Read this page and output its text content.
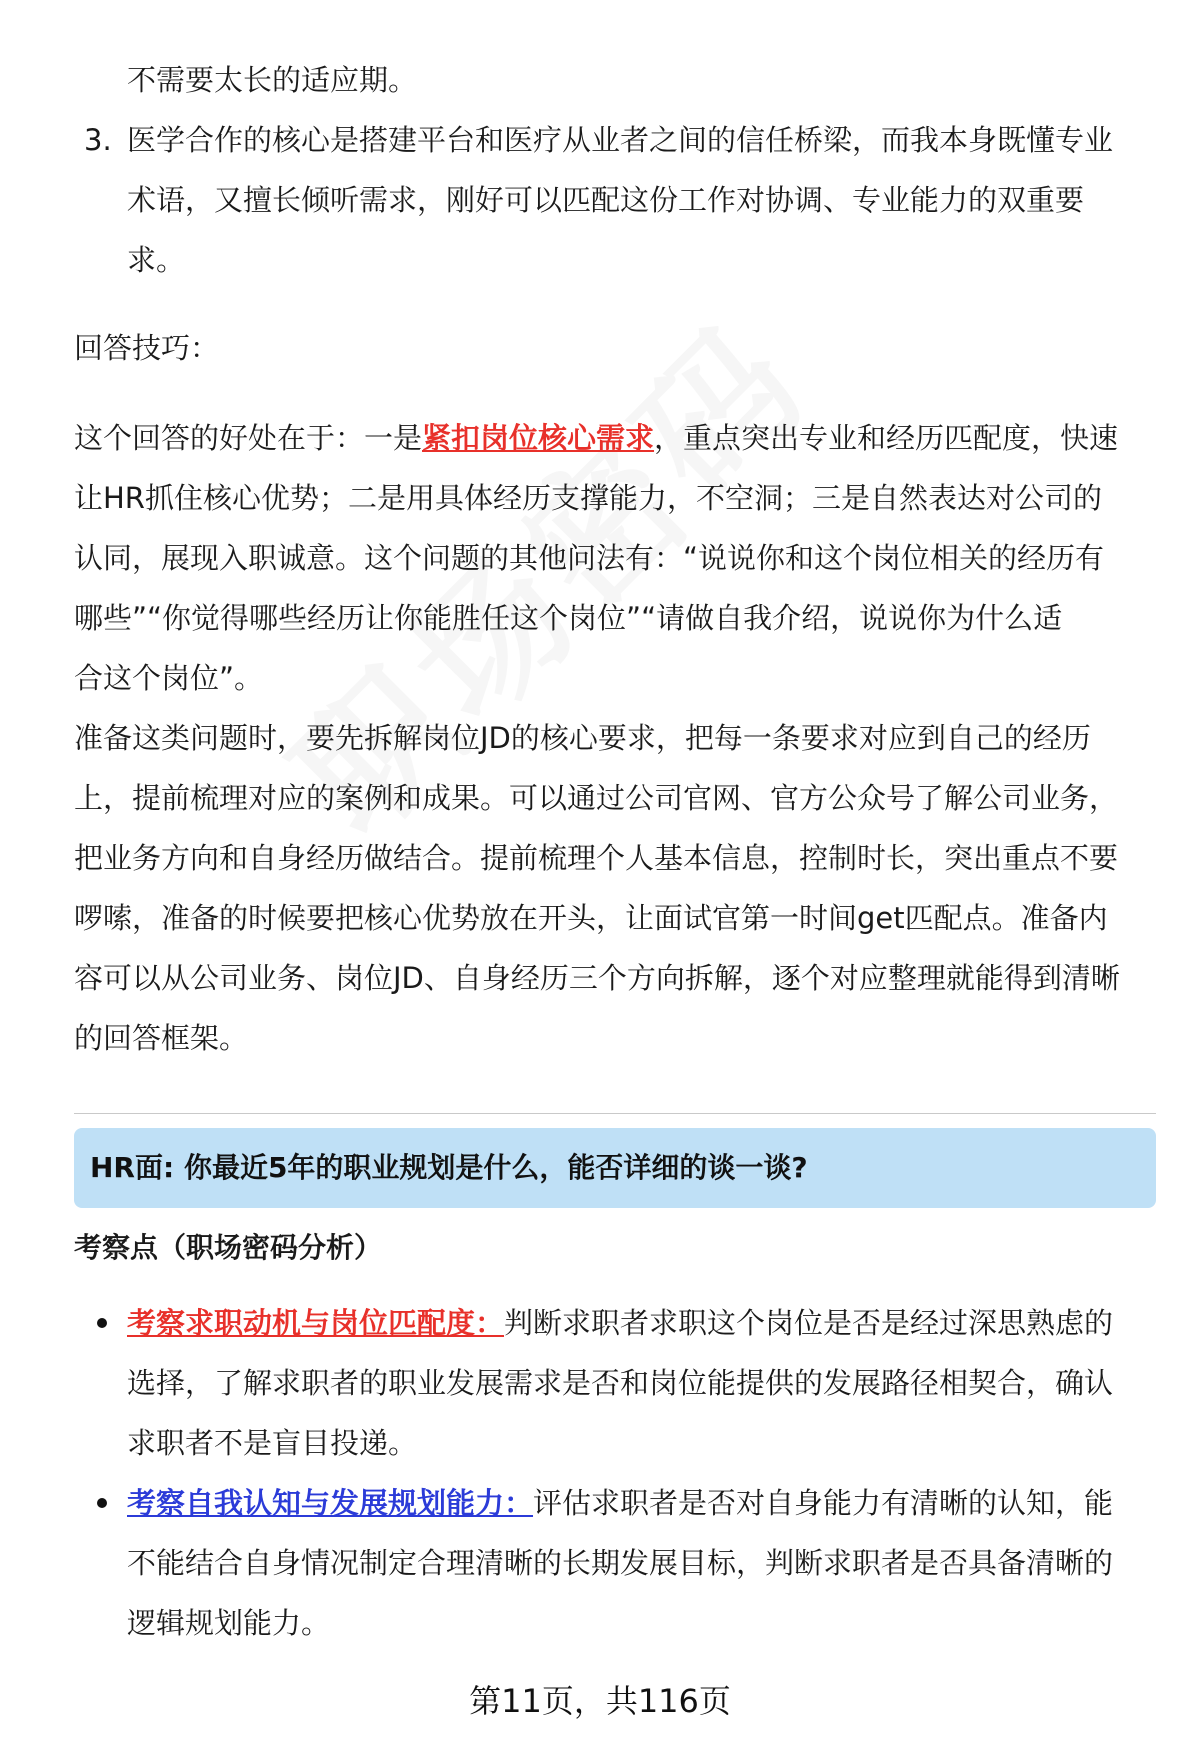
不需要太长的适应期。

3. 医学合作的核心是搭建平台和医疗从业者之间的信任桥梁，而我本身既懂专业

术语，又擅长倾听需求，刚好可以匹配这份工作对协调、专业能力的双重要

求。

回答技巧：

这个回答的好处在于：一是紧扣岗位核心需求，重点突出专业和经历匹配度，快速

让HR抓住核心优势；二是用具体经历支撑能力，不空洞；三是自然表达对公司的

认同，展现入职诚意。这个问题的其他问法有：“说说你和这个岗位相关的经历有

哪些”“你觉得哪些经历让你能胜任这个岗位”“请做自我介绍，说说你为什么适

合这个岗位”。

准备这类问题时，要先拆解岗位JD的核心要求，把每一条要求对应到自己的经历

上，提前梳理对应的案例和成果。可以通过公司官网、官方公众号了解公司业务，

把业务方向和自身经历做结合。提前梳理个人基本信息，控制时长，突出重点不要

啰嗦，准备的时候要把核心优势放在开头，让面试官第一时间get匹配点。准备内

容可以从公司业务、岗位JD、自身经历三个方向拆解，逐个对应整理就能得到清晰

的回答框架。

HR面: 你最近5年的职业规划是什么，能否详细的谈一谈?
考察点（职场密码分析）

考察求职动机与岗位匹配度：判断求职者求职这个岗位是否是经过深思熟虑的

选择，了解求职者的职业发展需求是否和岗位能提供的发展路径相契合，确认

求职者不是盲目投递。

考察自我认知与发展规划能力：评估求职者是否对自身能力有清晰的认知，能

不能结合自身情况制定合理清晰的长期发展目标，判断求职者是否具备清晰的

逻辑规划能力。

第11页，共116页
